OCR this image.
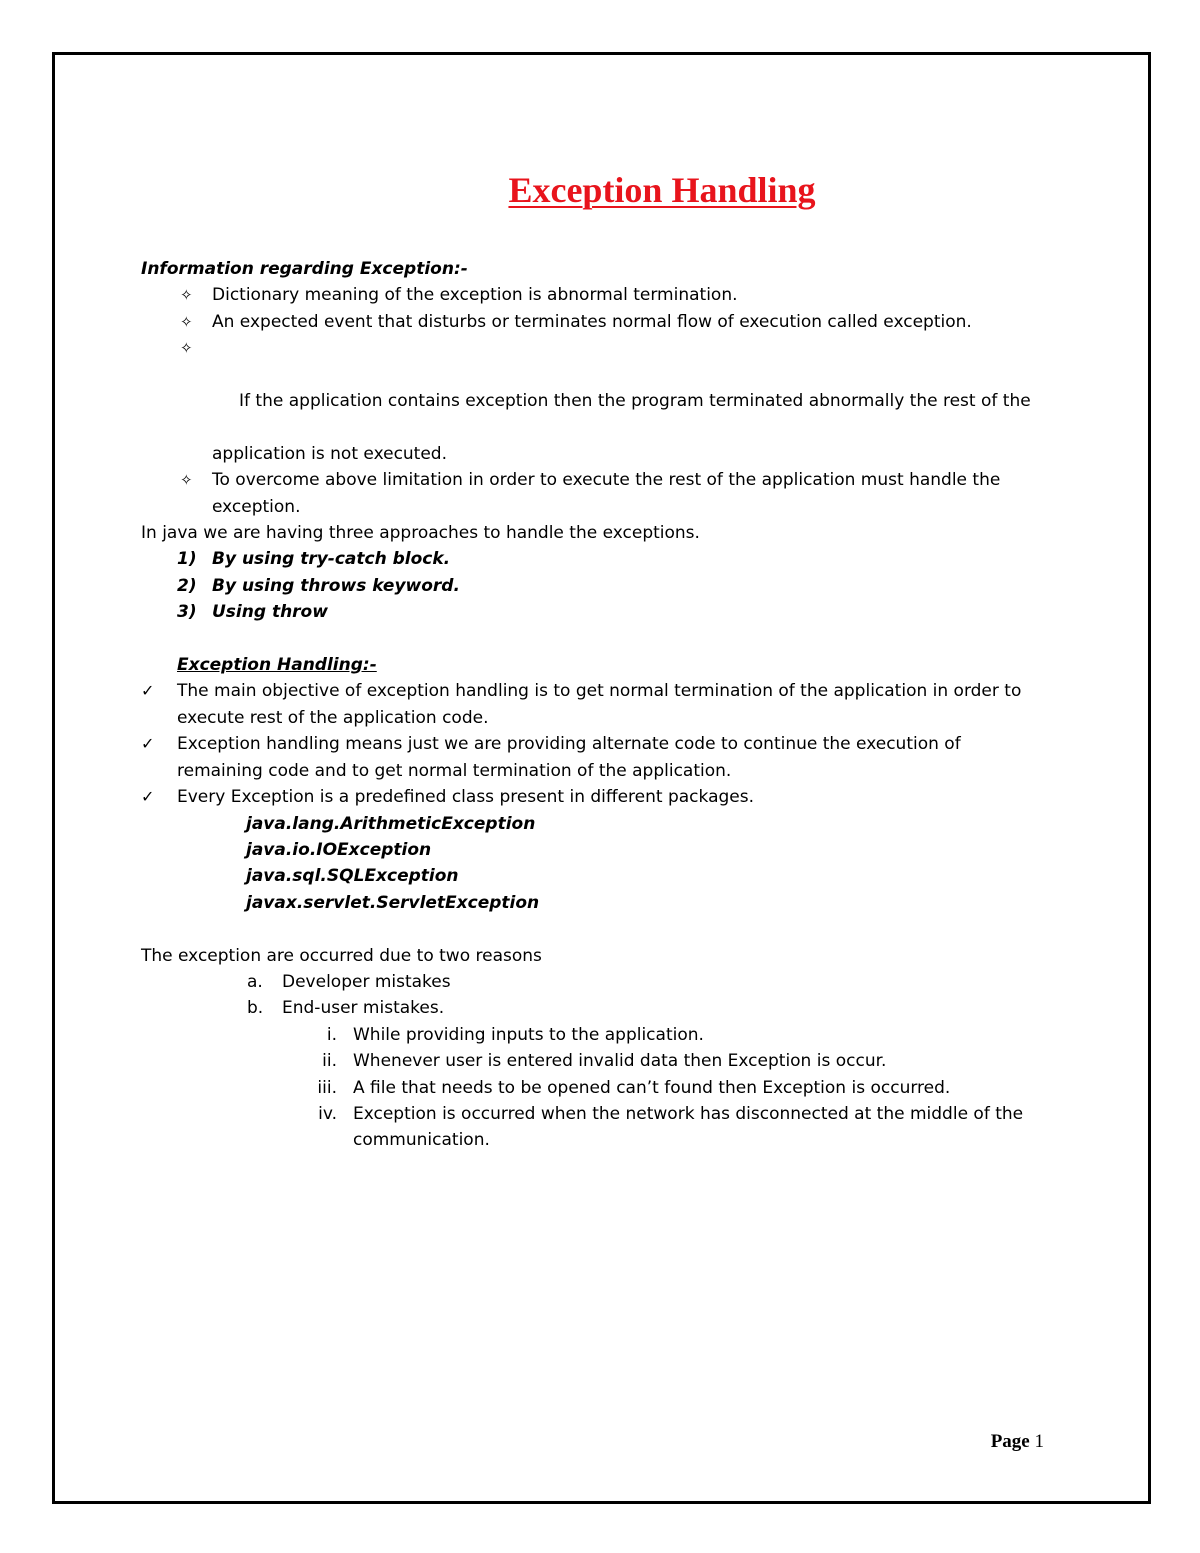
Exception Handling
Information regarding Exception:-
✧ Dictionary meaning of the exception is abnormal termination.
✧ An expected event that disturbs or terminates normal flow of execution called exception.

✧

If the application contains exception then the program terminated abnormally the rest of the

application is not executed.
✧ To overcome above limitation in order to execute the rest of the application must handle the
exception.
In java we are having three approaches to handle the exceptions.
1) By using try-catch block.
2) By using throws keyword.
3) Using throw
Exception Handling:-
✓ The main objective of exception handling is to get normal termination of the application in order to
execute rest of the application code.
✓ Exception handling means just we are providing alternate code to continue the execution of
remaining code and to get normal termination of the application.
✓ Every Exception is a predefined class present in different packages.
java.lang.ArithmeticException
java.io.IOException
java.sql.SQLException
javax.servlet.ServletException
The exception are occurred due to two reasons
a. Developer mistakes
b. End-user mistakes.
i. While providing inputs to the application.
ii. Whenever user is entered invalid data then Exception is occur.
iii. A file that needs to be opened can’t found then Exception is occurred.
iv. Exception is occurred when the network has disconnected at the middle of the
communication.
Page 1
